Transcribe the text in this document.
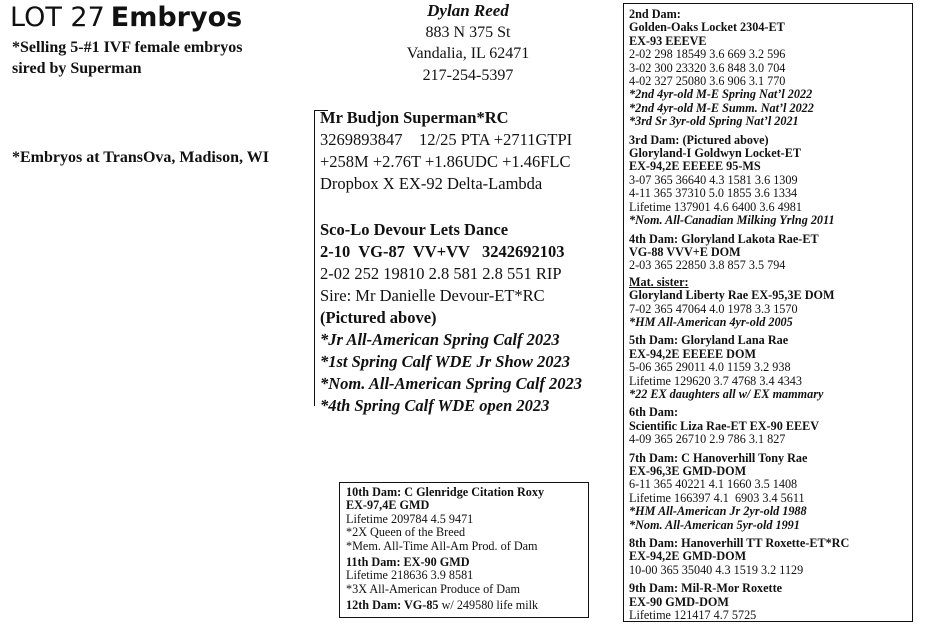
LOT 27 Embryos
*Selling 5-#1 IVF female embryos
sired by Superman
*Embryos at TransOva, Madison, WI
Dylan Reed
883 N 375 St
Vandalia, IL 62471
217-254-5397
Mr Budjon Superman*RC
3269893847    12/25 PTA +2711GTPI
+258M +2.76T +1.86UDC +1.46FLC
Dropbox X EX-92 Delta-Lambda
Sco-Lo Devour Lets Dance
2-10  VG-87  VV+VV   3242692103
2-02 252 19810 2.8 581 2.8 551 RIP
Sire: Mr Danielle Devour-ET*RC
(Pictured above)
*Jr All-American Spring Calf 2023
*1st Spring Calf WDE Jr Show 2023
*Nom. All-American Spring Calf 2023
*4th Spring Calf WDE open 2023
10th Dam: C Glenridge Citation Roxy
EX-97,4E GMD
Lifetime 209784 4.5 9471
*2X Queen of the Breed
*Mem. All-Time All-Am Prod. of Dam
11th Dam: EX-90 GMD
Lifetime 218636 3.9 8581
*3X All-American Produce of Dam
12th Dam: VG-85 w/ 249580 life milk
2nd Dam:
Golden-Oaks Locket 2304-ET
EX-93 EEEVE
2-02 298 18549 3.6 669 3.2 596
3-02 300 23320 3.6 848 3.0 704
4-02 327 25080 3.6 906 3.1 770
*2nd 4yr-old M-E Spring Nat’l 2022
*2nd 4yr-old M-E Summ. Nat’l 2022
*3rd Sr 3yr-old Spring Nat’l 2021
3rd Dam: (Pictured above)
Gloryland-I Goldwyn Locket-ET
EX-94,2E EEEEE 95-MS
3-07 365 36640 4.3 1581 3.6 1309
4-11 365 37310 5.0 1855 3.6 1334
Lifetime 137901 4.6 6400 3.6 4981
*Nom. All-Canadian Milking Yrlng 2011
4th Dam: Gloryland Lakota Rae-ET
VG-88 VVV+E DOM
2-03 365 22850 3.8 857 3.5 794
Mat. sister:
Gloryland Liberty Rae EX-95,3E DOM
7-02 365 47064 4.0 1978 3.3 1570
*HM All-American 4yr-old 2005
5th Dam: Gloryland Lana Rae
EX-94,2E EEEEE DOM
5-06 365 29011 4.0 1159 3.2 938
Lifetime 129620 3.7 4768 3.4 4343
*22 EX daughters all w/ EX mammary
6th Dam:
Scientific Liza Rae-ET EX-90 EEEV
4-09 365 26710 2.9 786 3.1 827
7th Dam: C Hanoverhill Tony Rae
EX-96,3E GMD-DOM
6-11 365 40221 4.1 1660 3.5 1408
Lifetime 166397 4.1  6903 3.4 5611
*HM All-American Jr 2yr-old 1988
*Nom. All-American 5yr-old 1991
8th Dam: Hanoverhill TT Roxette-ET*RC
EX-94,2E GMD-DOM
10-00 365 35040 4.3 1519 3.2 1129
9th Dam: Mil-R-Mor Roxette
EX-90 GMD-DOM
Lifetime 121417 4.7 5725
